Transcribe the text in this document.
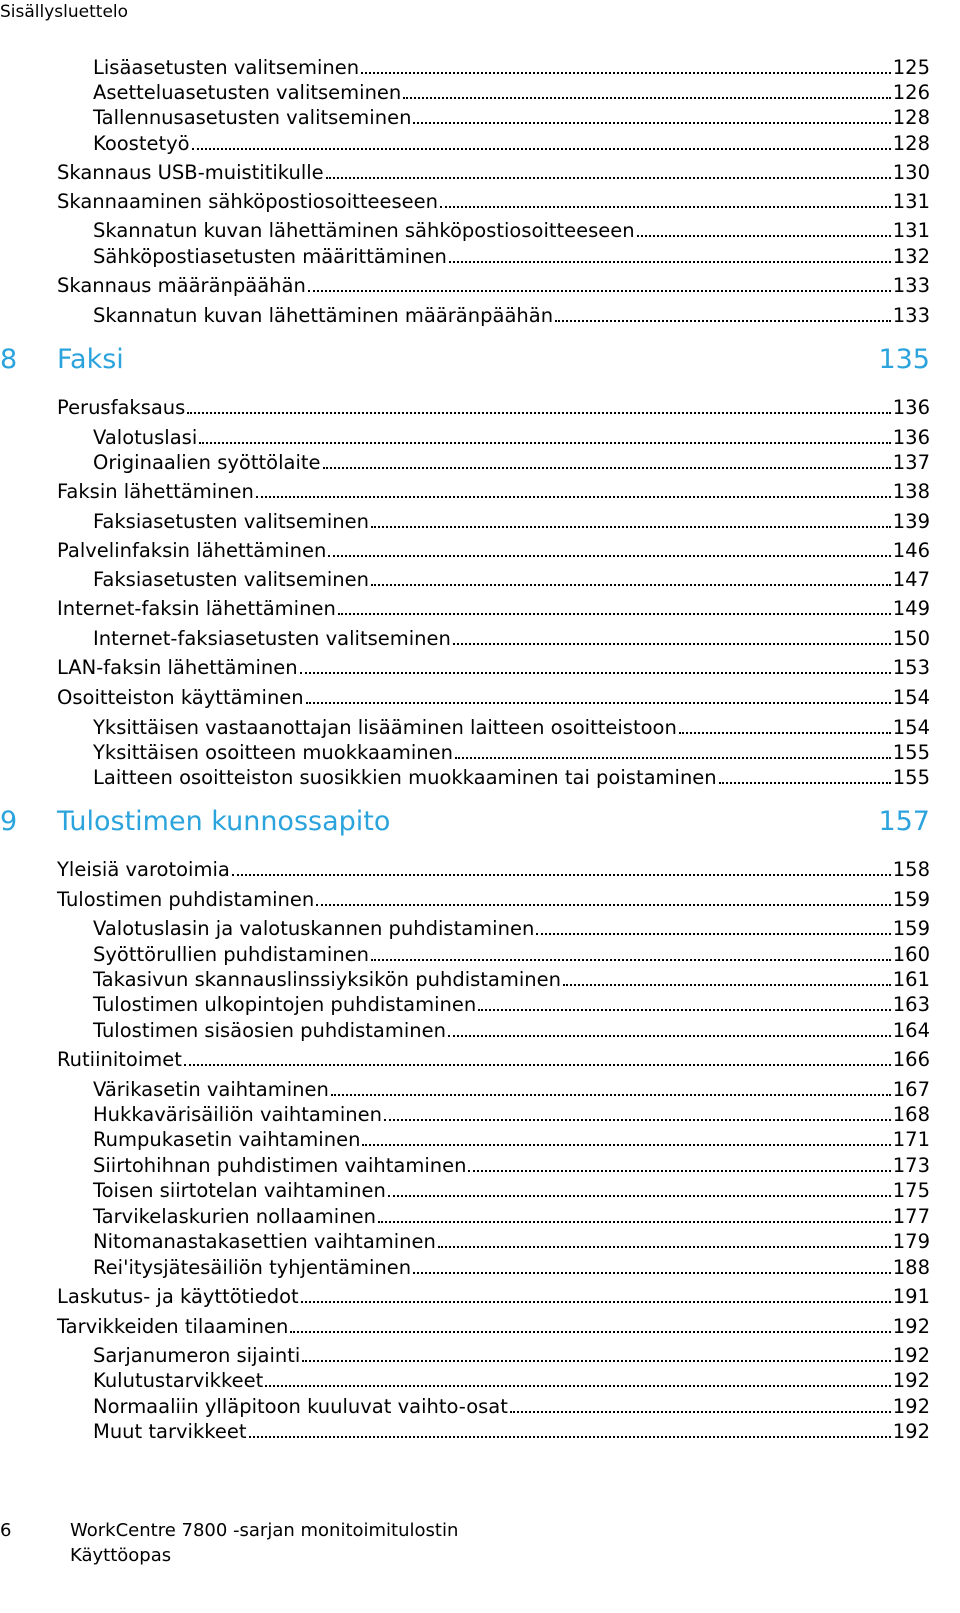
Sisällysluettelo
Lisäasetusten valitseminen	125
Asetteluasetusten valitseminen	126
Tallennusasetusten valitseminen	128
Koostetyö	128
Skannaus USB-muistitikulle	130
Skannaaminen sähköpostiosoitteeseen	131
Skannatun kuvan lähettäminen sähköpostiosoitteeseen	131
Sähköpostiasetusten määrittäminen	132
Skannaus määränpäähän	133
Skannatun kuvan lähettäminen määränpäähän	133
8	Faksi	135
Perusfaksaus	136
Valotuslasi	136
Originaalien syöttölaite	137
Faksin lähettäminen	138
Faksiasetusten valitseminen	139
Palvelinfaksin lähettäminen	146
Faksiasetusten valitseminen	147
Internet-faksin lähettäminen	149
Internet-faksiasetusten valitseminen	150
LAN-faksin lähettäminen	153
Osoitteiston käyttäminen	154
Yksittäisen vastaanottajan lisääminen laitteen osoitteistoon	154
Yksittäisen osoitteen muokkaaminen	155
Laitteen osoitteiston suosikkien muokkaaminen tai poistaminen	155
9	Tulostimen kunnossapito	157
Yleisiä varotoimia	158
Tulostimen puhdistaminen	159
Valotuslasin ja valotuskannen puhdistaminen	159
Syöttörullien puhdistaminen	160
Takasivun skannauslinssiyksikön puhdistaminen	161
Tulostimen ulkopintojen puhdistaminen	163
Tulostimen sisäosien puhdistaminen	164
Rutiinitoimet	166
Värikasetin vaihtaminen	167
Hukkavärisäiliön vaihtaminen	168
Rumpukasetin vaihtaminen	171
Siirtohihnan puhdistimen vaihtaminen	173
Toisen siirtotelan vaihtaminen	175
Tarvikelaskurien nollaaminen	177
Nitomanastakasettien vaihtaminen	179
Rei'itysjätesäiliön tyhjentäminen	188
Laskutus- ja käyttötiedot	191
Tarvikkeiden tilaaminen	192
Sarjanumeron sijainti	192
Kulutustarvikkeet	192
Normaaliin ylläpitoon kuuluvat vaihto-osat	192
Muut tarvikkeet	192
6	WorkCentre 7800 -sarjan monitoimitulostin
Käyttöopas
